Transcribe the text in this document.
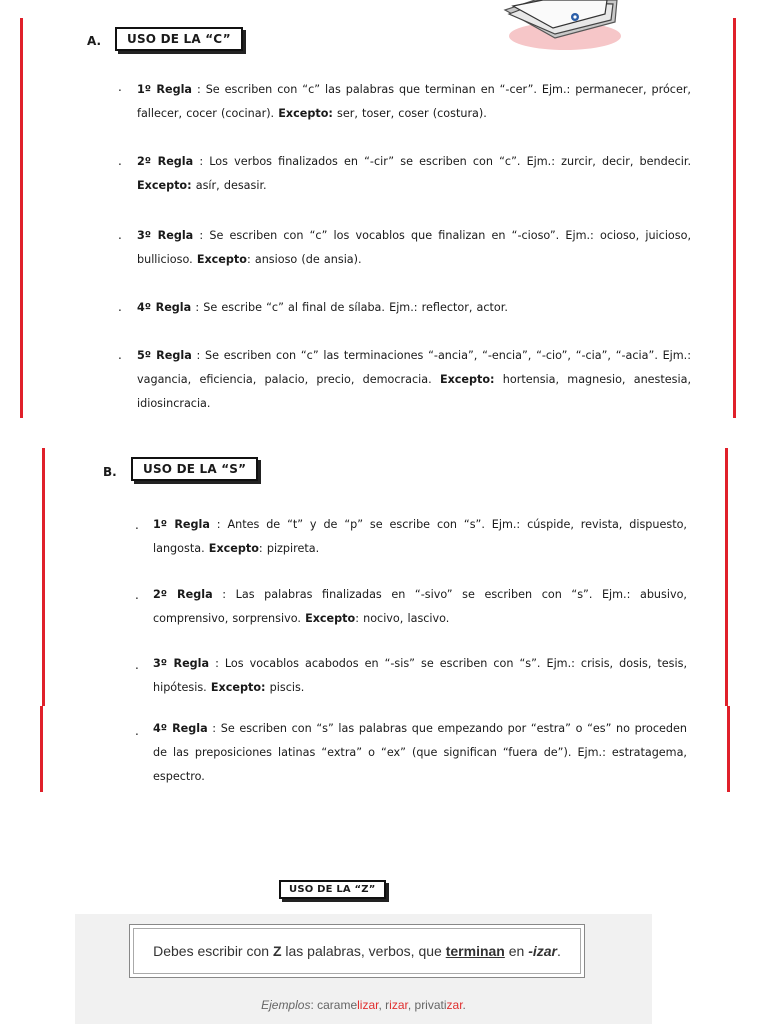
A.	USO DE LA “C”
. 1º Regla : Se escriben con “c” las palabras que terminan en “-cer”. Ejm.: permanecer, prócer, fallecer, cocer (cocinar). Excepto: ser, toser, coser (costura).
. 2º Regla : Los verbos finalizados en “-cir” se escriben con “c”. Ejm.: zurcir, decir, bendecir. Excepto: asír, desasir.
. 3º Regla : Se escriben con “c” los vocablos que finalizan en “-cioso”. Ejm.: ocioso, juicioso, bullicioso. Excepto: ansioso (de ansia).
. 4º Regla : Se escribe “c” al final de sílaba. Ejm.: reflector, actor.
. 5º Regla : Se escriben con “c” las terminaciones “-ancia”, “-encia”, “-cio”, “-cia”, “-acia”. Ejm.: vagancia, eficiencia, palacio, precio, democracia. Excepto: hortensia, magnesio, anestesia, idiosincracia.
B.	USO DE LA “S”
. 1º Regla : Antes de “t” y de “p” se escribe con “s”. Ejm.: cúspide, revista, dispuesto, langosta. Excepto: pizpireta.
. 2º Regla : Las palabras finalizadas en “-sivo” se escriben con “s”. Ejm.: abusivo, comprensivo, sorprensivo. Excepto: nocivo, lascivo.
. 3º Regla : Los vocablos acabodos en “-sis” se escriben con “s”. Ejm.: crisis, dosis, tesis, hipótesis. Excepto: piscis.
. 4º Regla : Se escriben con “s” las palabras que empezando por “estra” o “es” no proceden de las preposiciones latinas “extra” o “ex” (que significan “fuera de”). Ejm.: estratagema, espectro.
USO DE LA “Z”
Debes escribir con Z las palabras, verbos, que terminan en -izar .
Ejemplos: caramelizar, rizar, privatizar.
